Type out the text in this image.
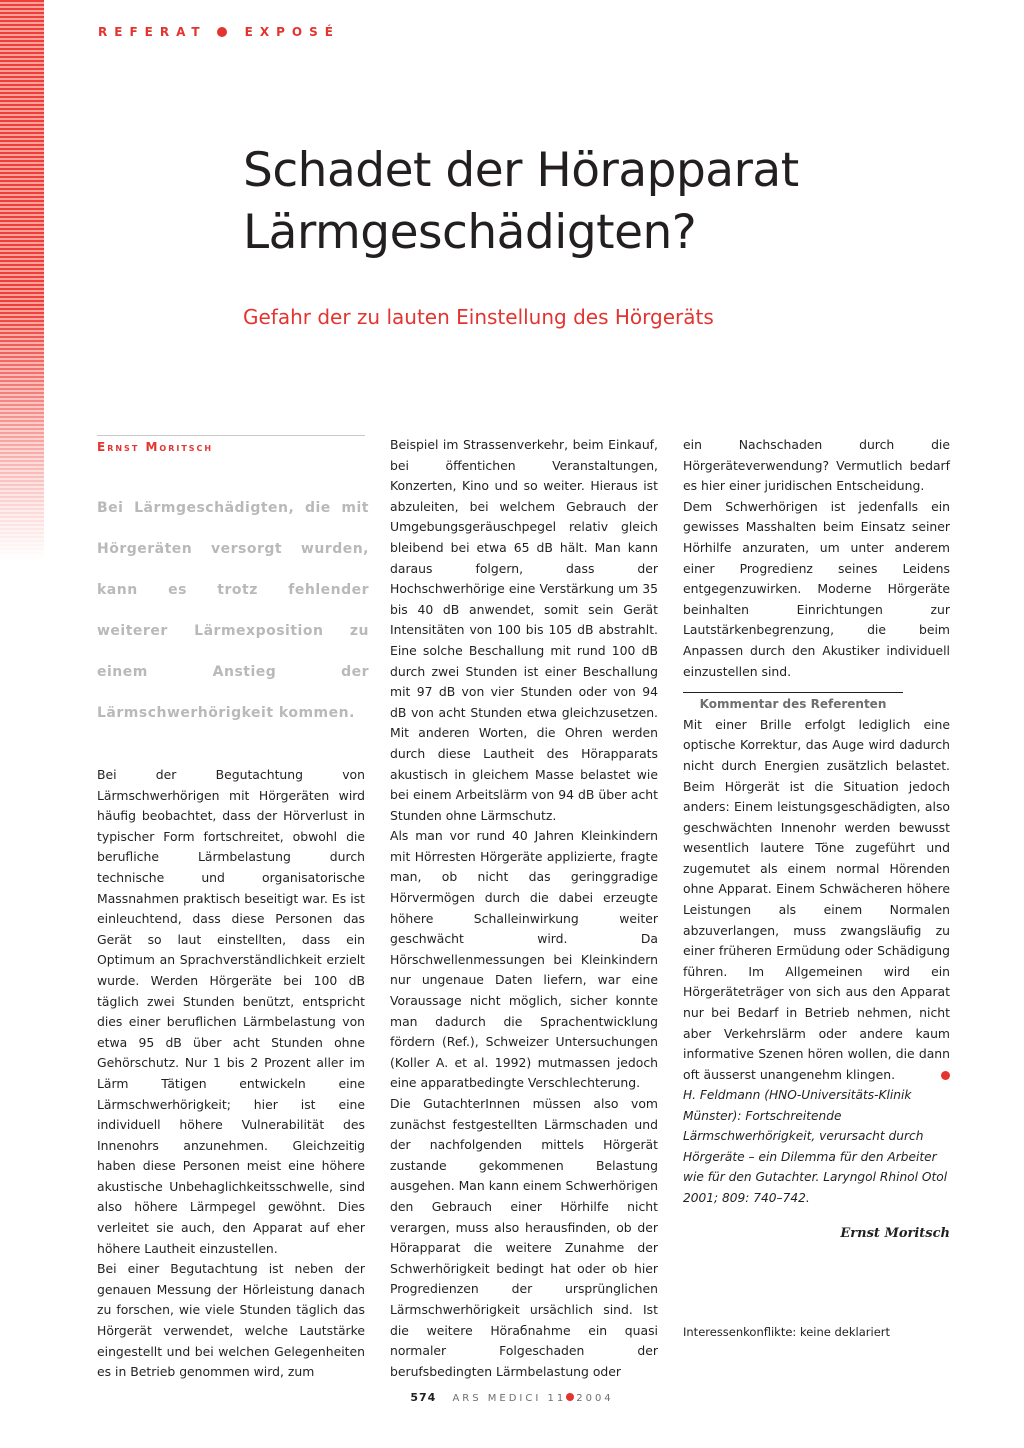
REFERAT	EXPOSÉ
Schadet der Hörapparat Lärmgeschädigten?

Gefahr der zu lauten Einstellung des Hörgeräts

Ernst Moritsch
Bei Lärmgeschädigten, die mit Hörgeräten versorgt wurden, kann es trotz fehlender weiterer Lärmexposition zu einem Anstieg der Lärmschwerhörigkeit kommen.

Bei der Begutachtung von Lärmschwerhörigen mit Hörgeräten wird häufig beobachtet, dass der Hörverlust in typischer Form fortschreitet, obwohl die berufliche Lärmbelastung durch technische und organisatorische Massnahmen praktisch beseitigt war. Es ist einleuchtend, dass diese Personen das Gerät so laut einstellten, dass ein Optimum an Sprachverständlichkeit erzielt wurde. Werden Hörgeräte bei 100 dB täglich zwei Stunden benützt, entspricht dies einer beruflichen Lärmbelastung von etwa 95 dB über acht Stunden ohne Gehörschutz. Nur 1 bis 2 Prozent aller im Lärm Tätigen entwickeln eine Lärmschwerhörigkeit; hier ist eine individuell höhere Vulnerabilität des Innenohrs anzunehmen. Gleichzeitig haben diese Personen meist eine höhere akustische Unbehaglichkeitsschwelle, sind also höhere Lärmpegel gewöhnt. Dies verleitet sie auch, den Apparat auf eher höhere Lautheit einzustellen.

Bei einer Begutachtung ist neben der genauen Messung der Hörleistung danach zu forschen, wie viele Stunden täglich das Hörgerät verwendet, welche Lautstärke eingestellt und bei welchen Gelegenheiten es in Betrieb genommen wird, zum

Beispiel im Strassenverkehr, beim Einkauf, bei öffentichen Veranstaltungen, Konzerten, Kino und so weiter. Hieraus ist abzuleiten, bei welchem Gebrauch der Umgebungsgeräuschpegel relativ gleich bleibend bei etwa 65 dB hält. Man kann daraus folgern, dass der Hochschwerhörige eine Verstärkung um 35 bis 40 dB anwendet, somit sein Gerät Intensitäten von 100 bis 105 dB abstrahlt. Eine solche Beschallung mit rund 100 dB durch zwei Stunden ist einer Beschallung mit 97 dB von vier Stunden oder von 94 dB von acht Stunden etwa gleichzusetzen. Mit anderen Worten, die Ohren werden durch diese Lautheit des Hörapparats akustisch in gleichem Masse belastet wie bei einem Arbeitslärm von 94 dB über acht Stunden ohne Lärmschutz.

Als man vor rund 40 Jahren Kleinkindern mit Hörresten Hörgeräte applizierte, fragte man, ob nicht das geringgradige Hörvermögen durch die dabei erzeugte höhere Schalleinwirkung weiter geschwächt wird. Da Hörschwellenmessungen bei Kleinkindern nur ungenaue Daten liefern, war eine Voraussage nicht möglich, sicher konnte man dadurch die Sprachentwicklung fördern (Ref.), Schweizer Untersuchungen (Koller A. et al. 1992) mutmassen jedoch eine apparatbedingte Verschlechterung.

Die GutachterInnen müssen also vom zunächst festgestellten Lärmschaden und der nachfolgenden mittels Hörgerät zustande gekommenen Belastung ausgehen. Man kann einem Schwerhörigen den Gebrauch einer Hörhilfe nicht verargen, muss also herausfinden, ob der Hörapparat die weitere Zunahme der Schwerhörigkeit bedingt hat oder ob hier Progredienzen der ursprünglichen Lärmschwerhörigkeit ursächlich sind. Ist die weitere Höraбnahme ein quasi normaler Folgeschaden der berufsbedingten Lärmbelastung oder

ein Nachschaden durch die Hörgeräteverwendung? Vermutlich bedarf es hier einer juridischen Entscheidung.

Dem Schwerhörigen ist jedenfalls ein gewisses Masshalten beim Einsatz seiner Hörhilfe anzuraten, um unter anderem einer Progredienz seines Leidens entgegenzuwirken. Moderne Hörgeräte beinhalten Einrichtungen zur Lautstärkenbegrenzung, die beim Anpassen durch den Akustiker individuell einzustellen sind.

Kommentar des Referenten

Mit einer Brille erfolgt lediglich eine optische Korrektur, das Auge wird dadurch nicht durch Energien zusätzlich belastet. Beim Hörgerät ist die Situation jedoch anders: Einem leistungsgeschädigten, also geschwächten Innenohr werden bewusst wesentlich lautere Töne zugeführt und zugemutet als einem normal Hörenden ohne Apparat. Einem Schwächeren höhere Leistungen als einem Normalen abzuverlangen, muss zwangsläufig zu einer früheren Ermüdung oder Schädigung führen. Im Allgemeinen wird ein Hörgeräteträger von sich aus den Apparat nur bei Bedarf in Betrieb nehmen, nicht aber Verkehrslärm oder andere kaum informative Szenen hören wollen, die dann oft äusserst unangenehm klingen.

H. Feldmann (HNO-Universitäts-Klinik Münster): Fortschreitende Lärmschwerhörigkeit, verursacht durch Hörgeräte – ein Dilemma für den Arbeiter wie für den Gutachter. Laryngol Rhinol Otol 2001; 809: 740–742.

Ernst Moritsch
Interessenkonflikte: keine deklariert
574 ARS MEDICI 11 2004
